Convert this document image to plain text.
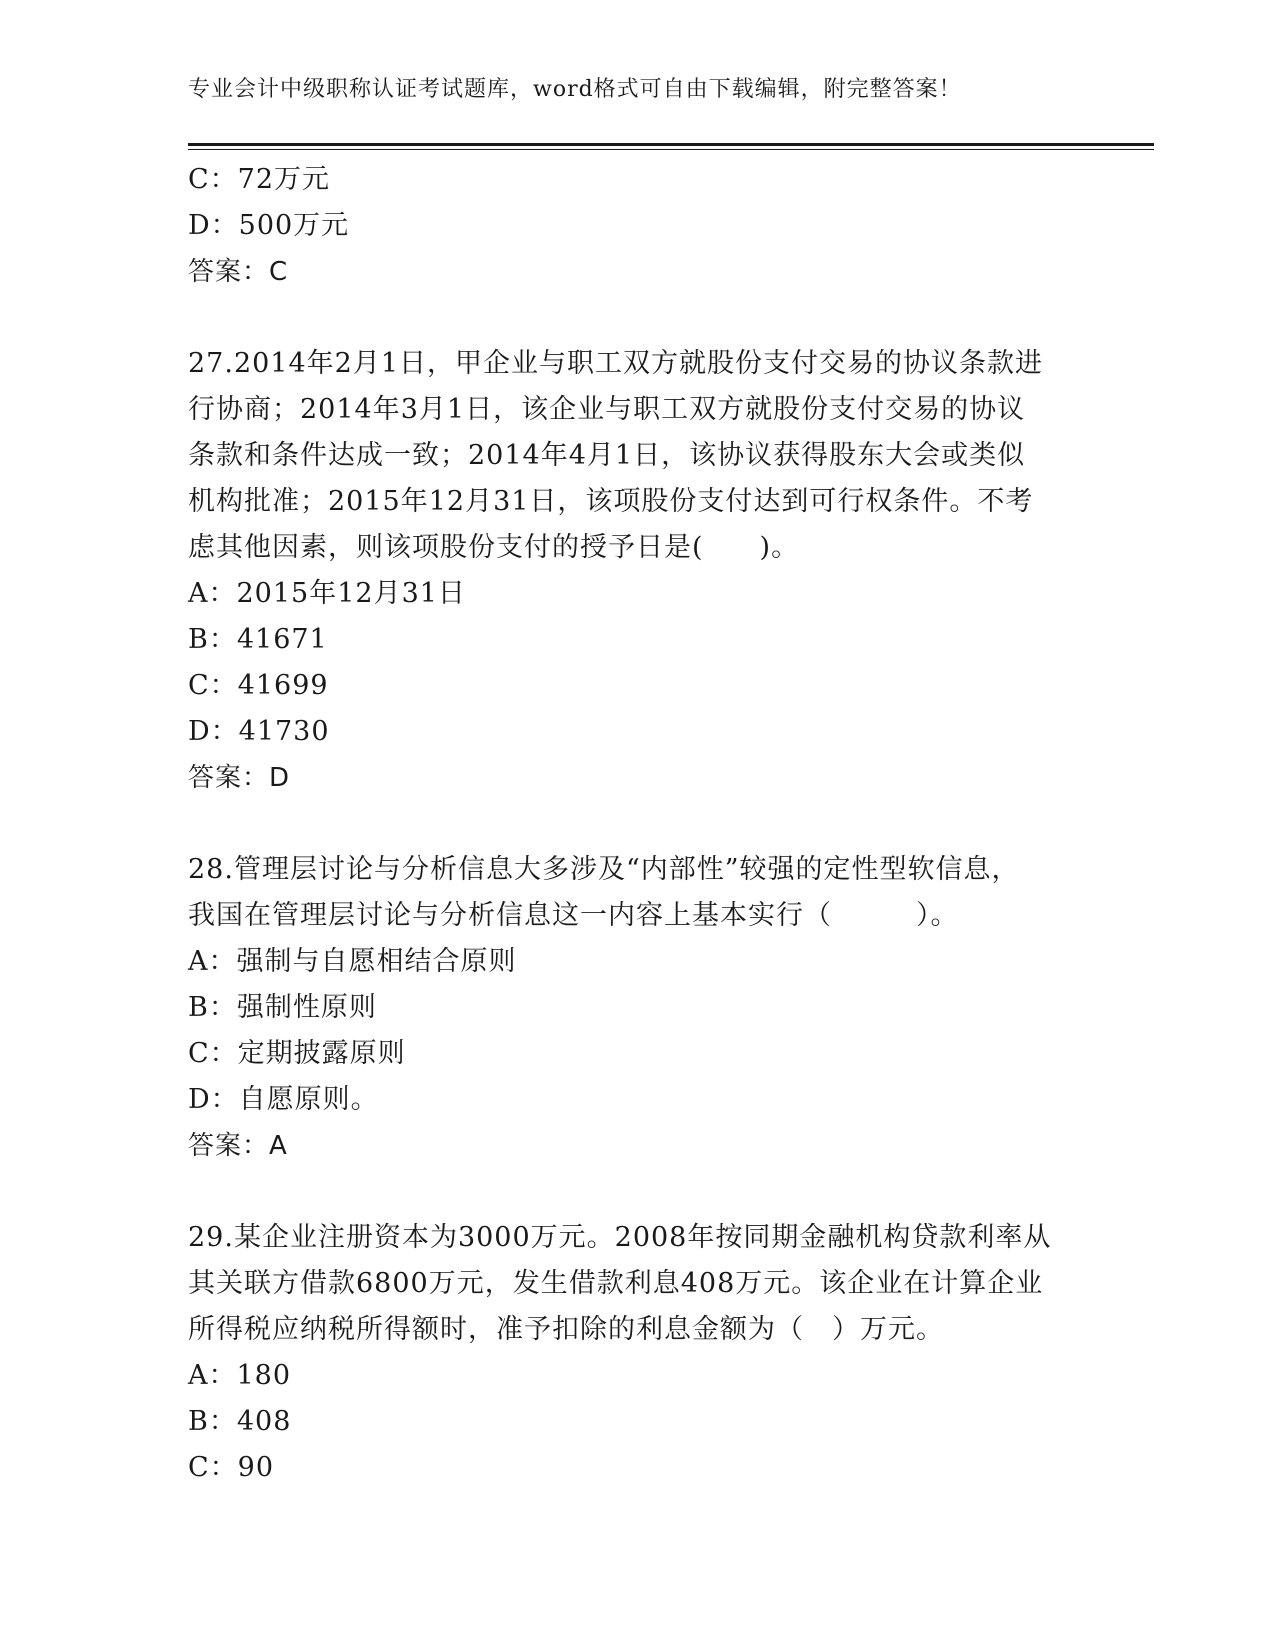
专业会计中级职称认证考试题库，word格式可自由下载编辑，附完整答案！
C：72万元
D：500万元
答案：C
27.2014年2月1日，甲企业与职工双方就股份支付交易的协议条款进
行协商；2014年3月1日，该企业与职工双方就股份支付交易的协议
条款和条件达成一致；2014年4月1日，该协议获得股东大会或类似
机构批准；2015年12月31日，该项股份支付达到可行权条件。不考
虑其他因素，则该项股份支付的授予日是(　　)。
A：2015年12月31日
B：41671
C：41699
D：41730
答案：D
28.管理层讨论与分析信息大多涉及“内部性”较强的定性型软信息，
我国在管理层讨论与分析信息这一内容上基本实行（　　　）。
A：强制与自愿相结合原则
B：强制性原则
C：定期披露原则
D：自愿原则。
答案：A
29.某企业注册资本为3000万元。2008年按同期金融机构贷款利率从
其关联方借款6800万元，发生借款利息408万元。该企业在计算企业
所得税应纳税所得额时，准予扣除的利息金额为（　）万元。
A：180
B：408
C：90
